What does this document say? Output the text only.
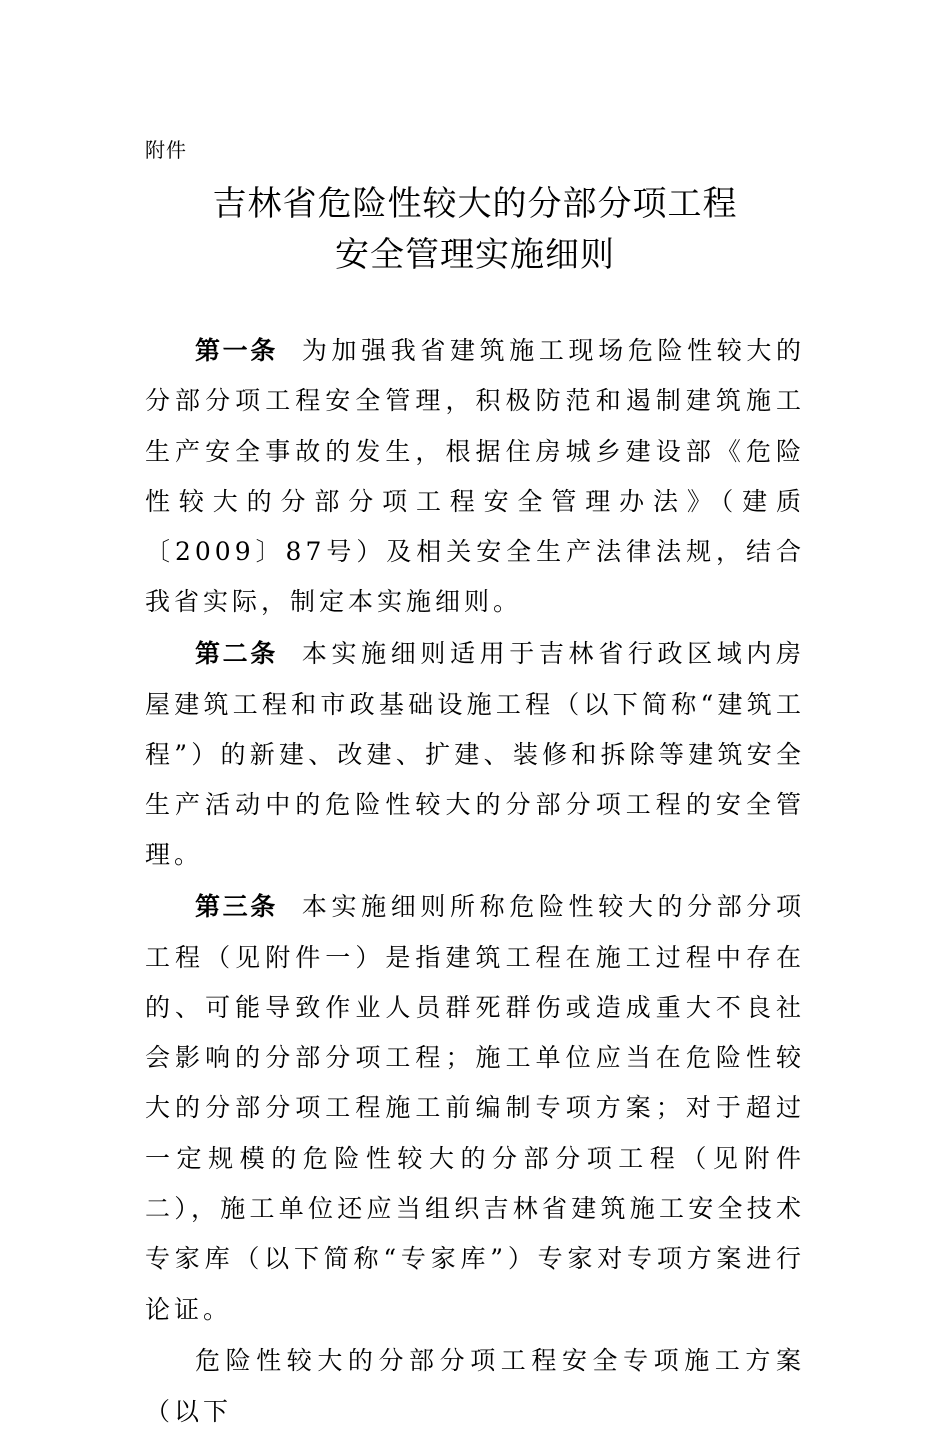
附件
吉林省危险性较大的分部分项工程
安全管理实施细则

第一条 为加强我省建筑施工现场危险性较大的分部分项工程安全管理，积极防范和遏制建筑施工生产安全事故的发生，根据住房城乡建设部《危险性较大的分部分项工程安全管理办法》（建质〔2009〕87号）及相关安全生产法律法规，结合我省实际，制定本实施细则。

第二条 本实施细则适用于吉林省行政区域内房屋建筑工程和市政基础设施工程（以下简称“建筑工程”）的新建、改建、扩建、装修和拆除等建筑安全生产活动中的危险性较大的分部分项工程的安全管理。

第三条 本实施细则所称危险性较大的分部分项工程（见附件一）是指建筑工程在施工过程中存在的、可能导致作业人员群死群伤或造成重大不良社会影响的分部分项工程；施工单位应当在危险性较大的分部分项工程施工前编制专项方案；对于超过一定规模的危险性较大的分部分项工程（见附件二），施工单位还应当组织吉林省建筑施工安全技术专家库（以下简称“专家库”）专家对专项方案进行论证。

危险性较大的分部分项工程安全专项施工方案（以下
